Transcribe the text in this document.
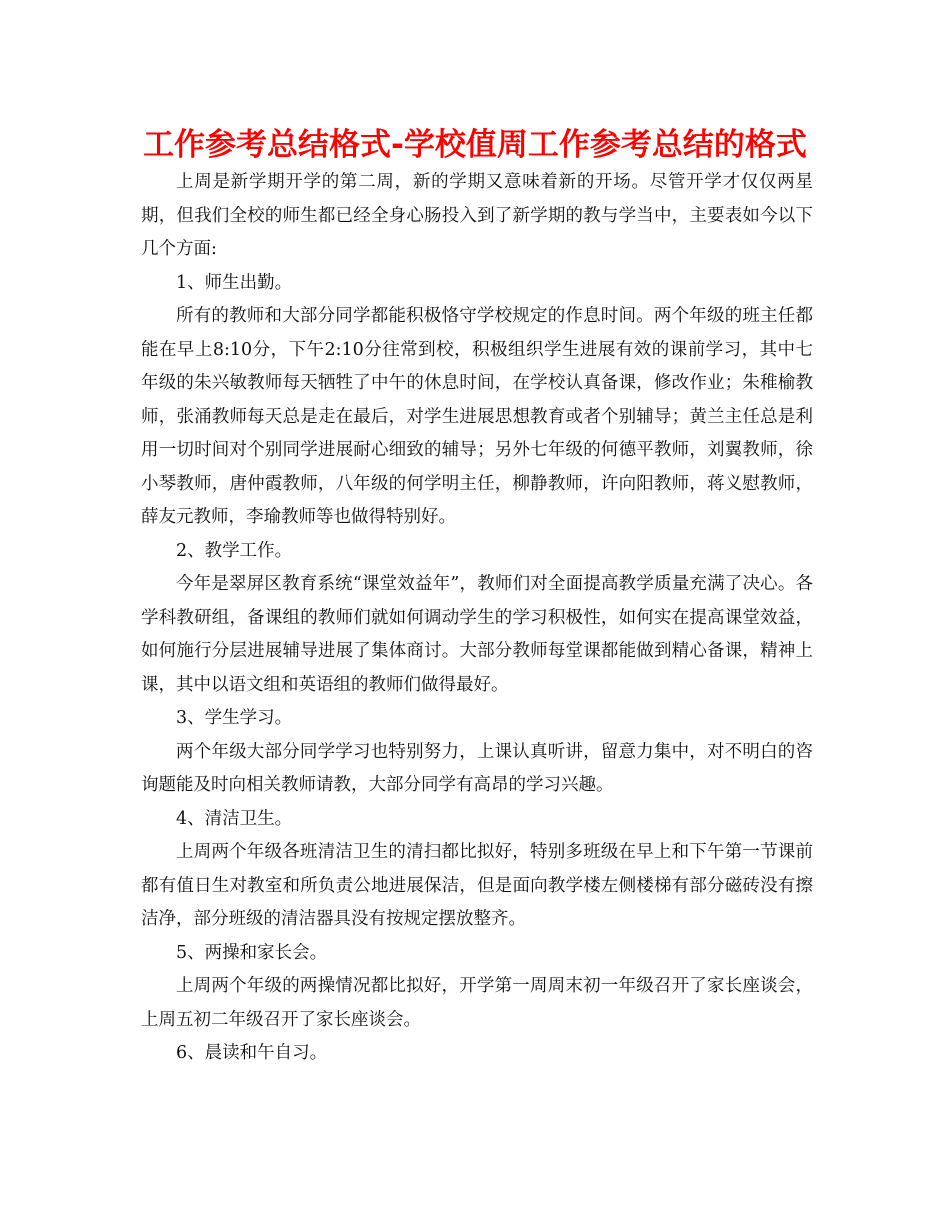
工作参考总结格式-学校值周工作参考总结的格式

上周是新学期开学的第二周，新的学期又意味着新的开场。尽管开学才仅仅两星期，但我们全校的师生都已经全身心肠投入到了新学期的教与学当中，主要表如今以下几个方面:

1、师生出勤。

所有的教师和大部分同学都能积极恪守学校规定的作息时间。两个年级的班主任都能在早上8:10分，下午2:10分往常到校，积极组织学生进展有效的课前学习，其中七年级的朱兴敏教师每天牺牲了中午的休息时间，在学校认真备课，修改作业；朱稚榆教师，张涌教师每天总是走在最后，对学生进展思想教育或者个别辅导；黄兰主任总是利用一切时间对个别同学进展耐心细致的辅导；另外七年级的何德平教师，刘翼教师，徐小琴教师，唐仲霞教师，八年级的何学明主任，柳静教师，许向阳教师，蒋义慰教师，薛友元教师，李瑜教师等也做得特别好。

2、教学工作。

今年是翠屏区教育系统“课堂效益年”，教师们对全面提高教学质量充满了决心。各学科教研组，备课组的教师们就如何调动学生的学习积极性，如何实在提高课堂效益，如何施行分层进展辅导进展了集体商讨。大部分教师每堂课都能做到精心备课，精神上课，其中以语文组和英语组的教师们做得最好。

3、学生学习。

两个年级大部分同学学习也特别努力，上课认真听讲，留意力集中，对不明白的咨询题能及时向相关教师请教，大部分同学有高昂的学习兴趣。

4、清洁卫生。

上周两个年级各班清洁卫生的清扫都比拟好，特别多班级在早上和下午第一节课前都有值日生对教室和所负责公地进展保洁，但是面向教学楼左侧楼梯有部分磁砖没有擦洁净，部分班级的清洁器具没有按规定摆放整齐。

5、两操和家长会。

上周两个年级的两操情况都比拟好，开学第一周周末初一年级召开了家长座谈会，上周五初二年级召开了家长座谈会。

6、晨读和午自习。
